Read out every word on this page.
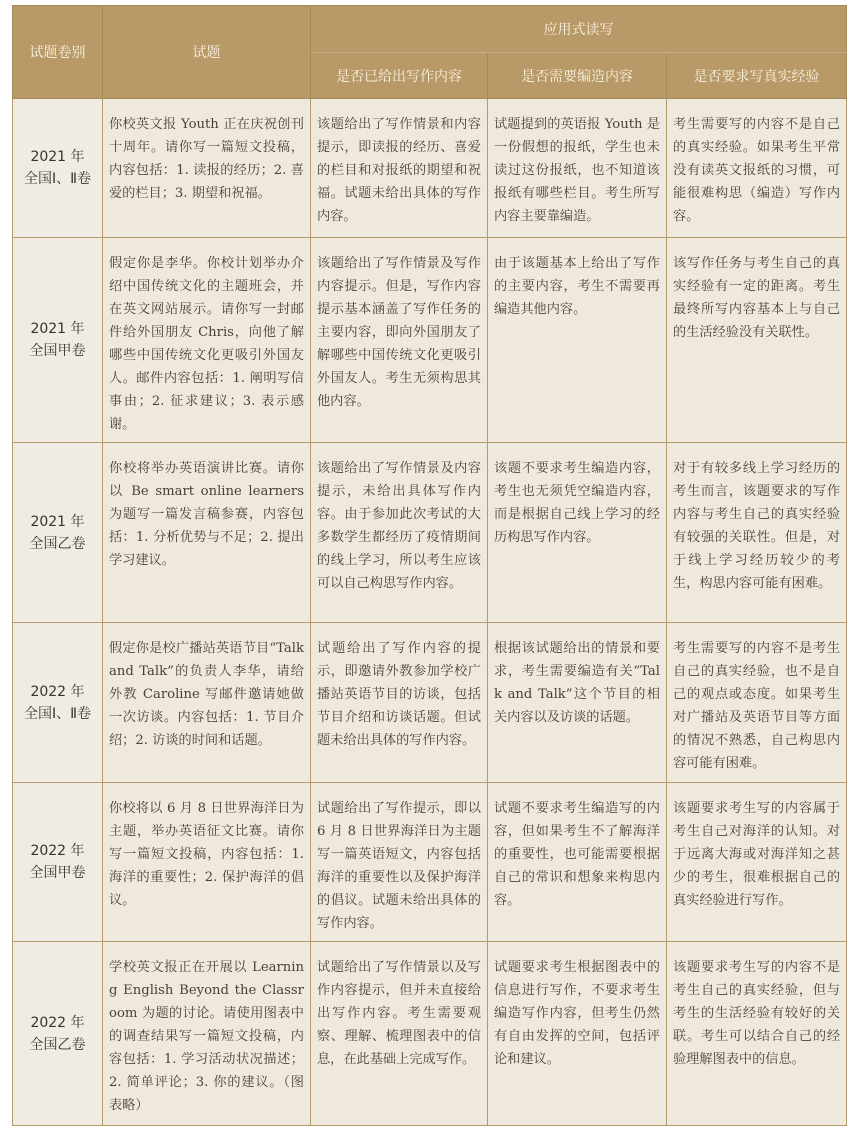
试题卷别	试题	应用式读写		
		是否已给出写作内容	是否需要编造内容	是否要求写真实经验

2021 年
全国Ⅰ、Ⅱ卷	你校英文报 Youth 正在庆祝创刊十周年。请你写一篇短文投稿，内容包括：1. 读报的经历；2. 喜爱的栏目；3. 期望和祝福。	该题给出了写作情景和内容提示，即读报的经历、喜爱的栏目和对报纸的期望和祝福。试题未给出具体的写作内容。	试题提到的英语报 Youth 是一份假想的报纸，学生也未读过这份报纸，也不知道该报纸有哪些栏目。考生所写内容主要靠编造。	考生需要写的内容不是自己的真实经验。如果考生平常没有读英文报纸的习惯，可能很难构思（编造）写作内容。

2021 年
全国甲卷	假定你是李华。你校计划举办介绍中国传统文化的主题班会，并在英文网站展示。请你写一封邮件给外国朋友 Chris，向他了解哪些中国传统文化更吸引外国友人。邮件内容包括：1. 阐明写信事由；2. 征求建议；3. 表示感谢。	该题给出了写作情景及写作内容提示。但是，写作内容提示基本涵盖了写作任务的主要内容，即向外国朋友了解哪些中国传统文化更吸引外国友人。考生无须构思其他内容。	由于该题基本上给出了写作的主要内容，考生不需要再编造其他内容。	该写作任务与考生自己的真实经验有一定的距离。考生最终所写内容基本上与自己的生活经验没有关联性。

2021 年
全国乙卷	你校将举办英语演讲比赛。请你以 Be smart online learners 为题写一篇发言稿参赛，内容包括：1. 分析优势与不足；2. 提出学习建议。	该题给出了写作情景及内容提示，未给出具体写作内容。由于参加此次考试的大多数学生都经历了疫情期间的线上学习，所以考生应该可以自己构思写作内容。	该题不要求考生编造内容，考生也无须凭空编造内容，而是根据自己线上学习的经历构思写作内容。	对于有较多线上学习经历的考生而言，该题要求的写作内容与考生自己的真实经验有较强的关联性。但是，对于线上学习经历较少的考生，构思内容可能有困难。

2022 年
全国Ⅰ、Ⅱ卷	假定你是校广播站英语节目“Talk and Talk”的负责人李华，请给外教 Caroline 写邮件邀请她做一次访谈。内容包括：1. 节目介绍；2. 访谈的时间和话题。	试题给出了写作内容的提示，即邀请外教参加学校广播站英语节目的访谈，包括节目介绍和访谈话题。但试题未给出具体的写作内容。	根据该试题给出的情景和要求，考生需要编造有关“Talk and Talk”这个节目的相关内容以及访谈的话题。	考生需要写的内容不是考生自己的真实经验，也不是自己的观点或态度。如果考生对广播站及英语节目等方面的情况不熟悉，自己构思内容可能有困难。

2022 年
全国甲卷	你校将以 6 月 8 日世界海洋日为主题，举办英语征文比赛。请你写一篇短文投稿，内容包括：1. 海洋的重要性；2. 保护海洋的倡议。	试题给出了写作提示，即以 6 月 8 日世界海洋日为主题写一篇英语短文，内容包括海洋的重要性以及保护海洋的倡议。试题未给出具体的写作内容。	试题不要求考生编造写的内容，但如果考生不了解海洋的重要性，也可能需要根据自己的常识和想象来构思内容。	该题要求考生写的内容属于考生自己对海洋的认知。对于远离大海或对海洋知之甚少的考生，很难根据自己的真实经验进行写作。

2022 年
全国乙卷	学校英文报正在开展以 Learning English Beyond the Classroom 为题的讨论。请使用图表中的调查结果写一篇短文投稿，内容包括：1. 学习活动状况描述；2. 简单评论；3. 你的建议。（图表略）	试题给出了写作情景以及写作内容提示，但并未直接给出写作内容。考生需要观察、理解、梳理图表中的信息，在此基础上完成写作。	试题要求考生根据图表中的信息进行写作，不要求考生编造写作内容，但考生仍然有自由发挥的空间，包括评论和建议。	该题要求考生写的内容不是考生自己的真实经验，但与考生的生活经验有较好的关联。考生可以结合自己的经验理解图表中的信息。
